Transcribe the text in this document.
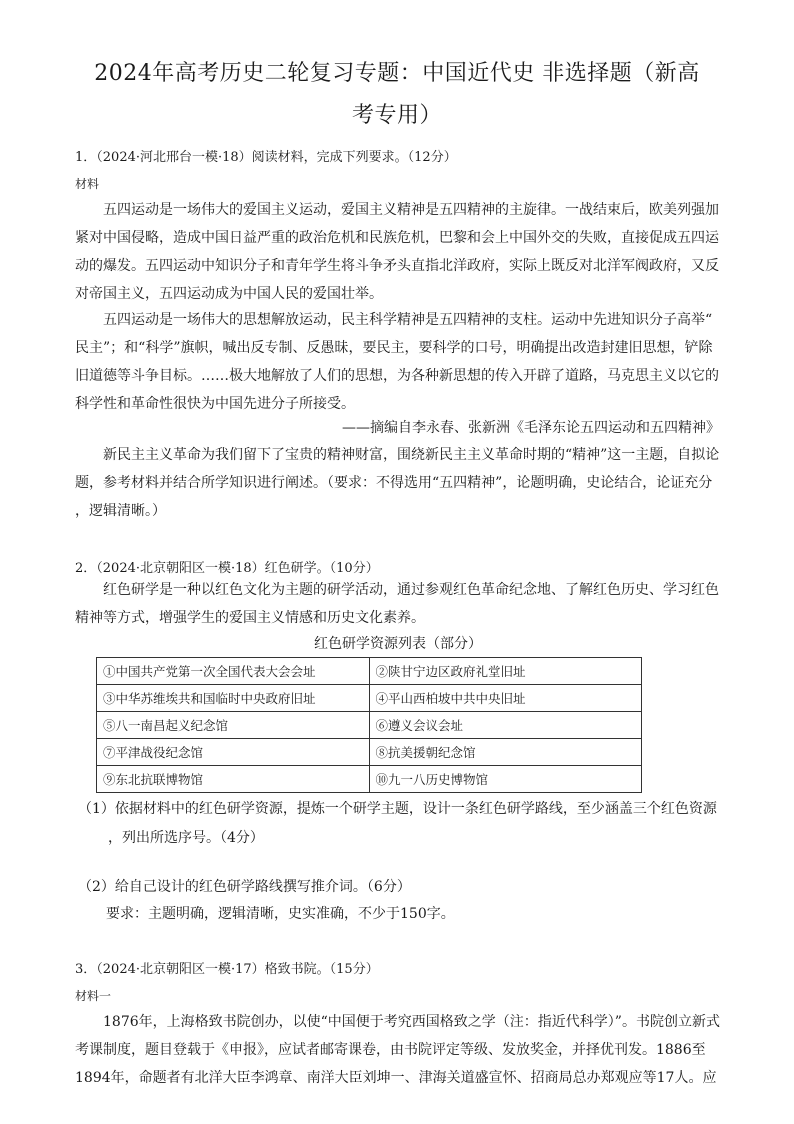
2024年高考历史二轮复习专题：中国近代史 非选择题（新高
考专用）
1．（2024·河北邢台一模·18）阅读材料，完成下列要求。（12分）
材料
五四运动是一场伟大的爱国主义运动，爱国主义精神是五四精神的主旋律。一战结束后，欧美列强加
紧对中国侵略，造成中国日益严重的政治危机和民族危机，巴黎和会上中国外交的失败，直接促成五四运
动的爆发。五四运动中知识分子和青年学生将斗争矛头直指北洋政府，实际上既反对北洋军阀政府，又反
对帝国主义，五四运动成为中国人民的爱国壮举。
五四运动是一场伟大的思想解放运动，民主科学精神是五四精神的支柱。运动中先进知识分子高举“
民主”；和“科学”旗帜，喊出反专制、反愚昧，要民主，要科学的口号，明确提出改造封建旧思想，铲除
旧道德等斗争目标。……极大地解放了人们的思想，为各种新思想的传入开辟了道路，马克思主义以它的
科学性和革命性很快为中国先进分子所接受。
——摘编自李永春、张新洲《毛泽东论五四运动和五四精神》
新民主主义革命为我们留下了宝贵的精神财富，围绕新民主主义革命时期的“精神”这一主题，自拟论
题，参考材料并结合所学知识进行阐述。（要求：不得选用“五四精神”，论题明确，史论结合，论证充分
，逻辑清晰。）
2．（2024·北京朝阳区一模·18）红色研学。（10分）
红色研学是一种以红色文化为主题的研学活动，通过参观红色革命纪念地、了解红色历史、学习红色
精神等方式，增强学生的爱国主义情感和历史文化素养。
红色研学资源列表（部分）
①中国共产党第一次全国代表大会会址	②陕甘宁边区政府礼堂旧址
③中华苏维埃共和国临时中央政府旧址	④平山西柏坡中共中央旧址
⑤八一南昌起义纪念馆	⑥遵义会议会址
⑦平津战役纪念馆	⑧抗美援朝纪念馆
⑨东北抗联博物馆	⑩九一八历史博物馆
（1）依据材料中的红色研学资源，提炼一个研学主题，设计一条红色研学路线，至少涵盖三个红色资源
，列出所选序号。（4分）
（2）给自己设计的红色研学路线撰写推介词。（6分）
要求：主题明确，逻辑清晰，史实准确，不少于150字。
3．（2024·北京朝阳区一模·17）格致书院。（15分）
材料一
1876年，上海格致书院创办，以使“中国便于考究西国格致之学（注：指近代科学）”。书院创立新式
考课制度，题目登载于《申报》，应试者邮寄课卷，由书院评定等级、发放奖金，并择优刊发。1886至
1894年，命题者有北洋大臣李鸿章、南洋大臣刘坤一、津海关道盛宣怀、招商局总办郑观应等17人。应
